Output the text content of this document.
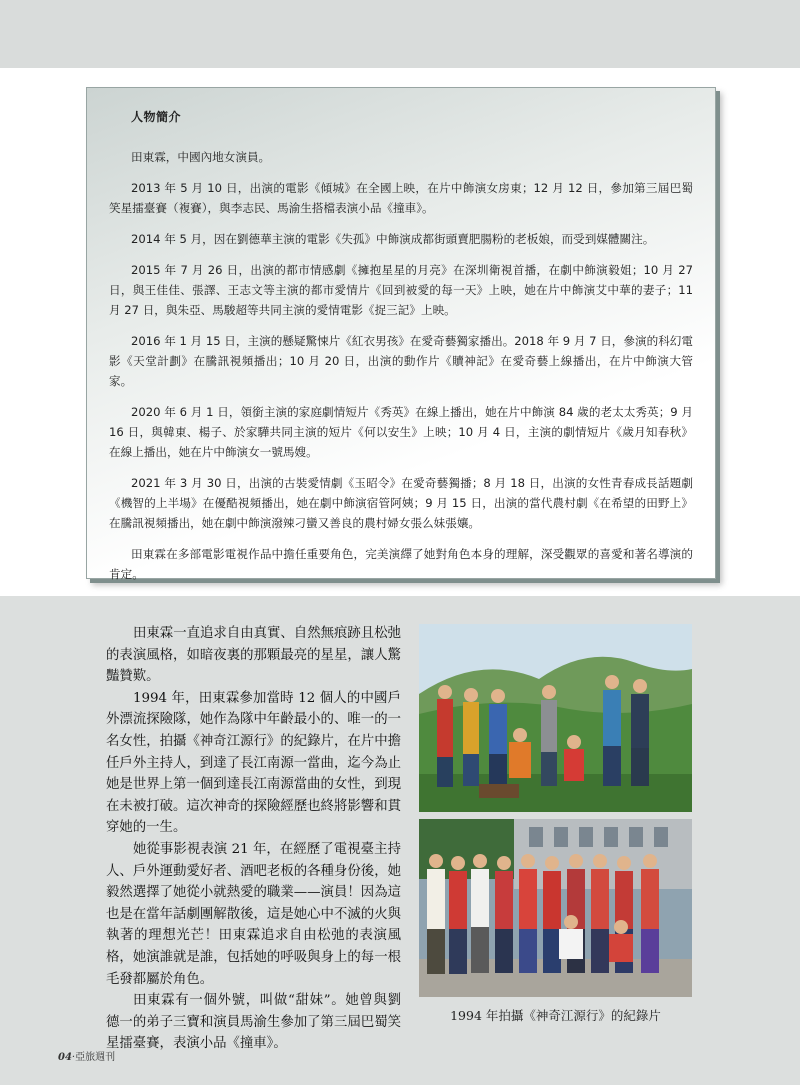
人物簡介

田東霖，中國內地女演員。

2013 年 5 月 10 日，出演的電影《傾城》在全國上映，在片中飾演女房東；12 月 12 日，參加第三屆巴蜀笑星擂臺賽（複賽），與李志民、馬渝生搭檔表演小品《撞車》。

2014 年 5 月，因在劉德華主演的電影《失孤》中飾演成都街頭賣肥腸粉的老板娘，而受到媒體關注。

2015 年 7 月 26 日，出演的都市情感劇《擁抱星星的月亮》在深圳衛視首播，在劇中飾演毅姐；10 月 27 日，與王佳佳、張譯、王志文等主演的都市愛情片《回到被愛的每一天》上映，她在片中飾演艾中華的妻子；11 月 27 日，與朱亞、馬駿超等共同主演的愛情電影《捉三記》上映。

2016 年 1 月 15 日，主演的懸疑驚悚片《紅衣男孩》在愛奇藝獨家播出。2018 年 9 月 7 日，參演的科幻電影《天堂計劃》在騰訊視頻播出；10 月 20 日，出演的動作片《贖神記》在愛奇藝上線播出，在片中飾演大管家。

2020 年 6 月 1 日，領銜主演的家庭劇情短片《秀英》在線上播出，她在片中飾演 84 歲的老太太秀英；9 月 16 日，與韓東、楊子、於家驊共同主演的短片《何以安生》上映；10 月 4 日，主演的劇情短片《歲月知春秋》在線上播出，她在片中飾演女一號馬嫂。

2021 年 3 月 30 日，出演的古裝愛情劇《玉昭令》在愛奇藝獨播；8 月 18 日，出演的女性青春成長話題劇《機智的上半場》在優酷視頻播出，她在劇中飾演宿管阿姨；9 月 15 日，出演的當代農村劇《在希望的田野上》在騰訊視頻播出，她在劇中飾演潑辣刁蠻又善良的農村婦女張么妹張孃。

田東霖在多部電影電視作品中擔任重要角色，完美演繹了她對角色本身的理解，深受觀眾的喜愛和著名導演的肯定。

田東霖一直追求自由真實、自然無痕跡且松弛的表演風格，如暗夜裏的那顆最亮的星星，讓人驚豔贊歎。

1994 年，田東霖參加當時 12 個人的中國戶外漂流探險隊，她作為隊中年齡最小的、唯一的一名女性，拍攝《神奇江源行》的紀錄片，在片中擔任戶外主持人，到達了長江南源一當曲，迄今為止她是世界上第一個到達長江南源當曲的女性，到現在未被打破。這次神奇的探險經歷也終將影響和貫穿她的一生。

她從事影視表演 21 年，在經歷了電視臺主持人、戶外運動愛好者、酒吧老板的各種身份後，她毅然選擇了她從小就熱愛的職業——演員！因為這也是在當年話劇團解散後，這是她心中不滅的火與執著的理想光芒！田東霖追求自由松弛的表演風格，她演誰就是誰，包括她的呼吸與身上的每一根毛發都屬於角色。

田東霖有一個外號，叫做“甜妹”。她曾與劉德一的弟子三寶和演員馬渝生參加了第三屆巴蜀笑星擂臺賽，表演小品《撞車》。

1994 年拍攝《神奇江源行》的紀錄片
04·亞旅週刊
